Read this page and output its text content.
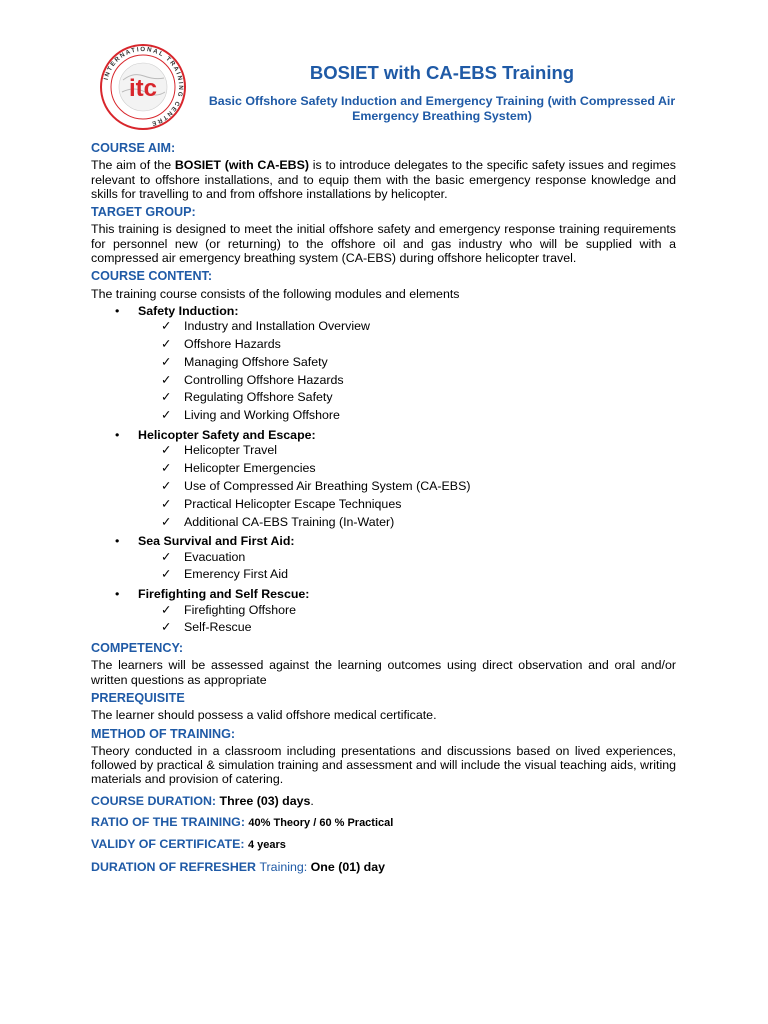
INTERNATIONAL TRAINING CENTRE
itc
BOSIET with CA-EBS Training
Basic Offshore Safety Induction and Emergency Training (with Compressed Air Emergency Breathing System)
COURSE AIM:
The aim of the BOSIET (with CA-EBS) is to introduce delegates to the specific safety issues and regimes relevant to offshore installations, and to equip them with the basic emergency response knowledge and skills for travelling to and from offshore installations by helicopter.
TARGET GROUP:
This training is designed to meet the initial offshore safety and emergency response training requirements for personnel new (or returning) to the offshore oil and gas industry who will be supplied with a compressed air emergency breathing system (CA-EBS) during offshore helicopter travel.
COURSE CONTENT:
The training course consists of the following modules and elements
• Safety Induction:
✓ Industry and Installation Overview
✓ Offshore Hazards
✓ Managing Offshore Safety
✓ Controlling Offshore Hazards
✓ Regulating Offshore Safety
✓ Living and Working Offshore
• Helicopter Safety and Escape:
✓ Helicopter Travel
✓ Helicopter Emergencies
✓ Use of Compressed Air Breathing System (CA-EBS)
✓ Practical Helicopter Escape Techniques
✓ Additional CA-EBS Training (In-Water)
• Sea Survival and First Aid:
✓ Evacuation
✓ Emerency First Aid
• Firefighting and Self Rescue:
✓ Firefighting Offshore
✓ Self-Rescue
COMPETENCY:
The learners will be assessed against the learning outcomes using direct observation and oral and/or written questions as appropriate
PREREQUISITE
The learner should possess a valid offshore medical certificate.
METHOD OF TRAINING:
Theory conducted in a classroom including presentations and discussions based on lived experiences, followed by practical & simulation training and assessment and will include the visual teaching aids, writing materials and provision of catering.
COURSE DURATION: Three (03) days.
RATIO OF THE TRAINING: 40% Theory / 60 % Practical
VALIDY OF CERTIFICATE: 4 years
DURATION OF REFRESHER Training: One (01) day
